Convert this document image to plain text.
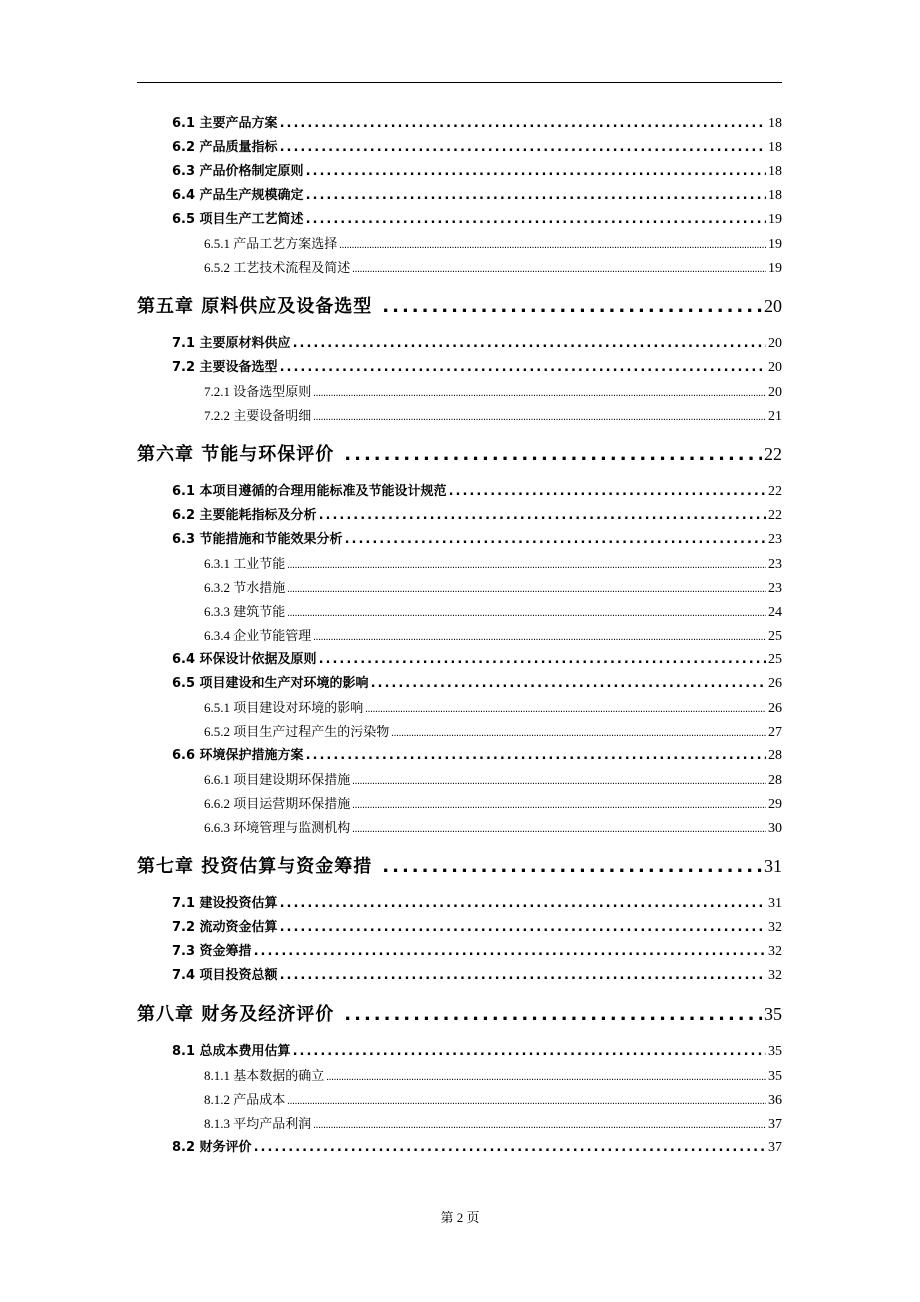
6.1 主要产品方案 .....	18
6.2 产品质量指标 .....	18
6.3 产品价格制定原则 .....	18
6.4 产品生产规模确定 .....	18
6.5 项目生产工艺简述 .....	19
6.5.1 产品工艺方案选择 .....	19
6.5.2 工艺技术流程及简述 .....	19
第五章 原料供应及设备选型 .....	20
7.1 主要原材料供应 .....	20
7.2 主要设备选型 .....	20
7.2.1 设备选型原则 .....	20
7.2.2 主要设备明细 .....	21
第六章 节能与环保评价 .....	22
6.1 本项目遵循的合理用能标准及节能设计规范 .....	22
6.2 主要能耗指标及分析 .....	22
6.3 节能措施和节能效果分析 .....	23
6.3.1 工业节能 .....	23
6.3.2 节水措施 .....	23
6.3.3 建筑节能 .....	24
6.3.4 企业节能管理 .....	25
6.4 环保设计依据及原则 .....	25
6.5 项目建设和生产对环境的影响 .....	26
6.5.1 项目建设对环境的影响 .....	26
6.5.2 项目生产过程产生的污染物 .....	27
6.6 环境保护措施方案 .....	28
6.6.1 项目建设期环保措施 .....	28
6.6.2 项目运营期环保措施 .....	29
6.6.3 环境管理与监测机构 .....	30
第七章 投资估算与资金筹措 .....	31
7.1 建设投资估算 .....	31
7.2 流动资金估算 .....	32
7.3 资金筹措 .....	32
7.4 项目投资总额 .....	32
第八章 财务及经济评价 .....	35
8.1 总成本费用估算 .....	35
8.1.1 基本数据的确立 .....	35
8.1.2 产品成本 .....	36
8.1.3 平均产品利润 .....	37
8.2 财务评价 .....	37
第 2 页
